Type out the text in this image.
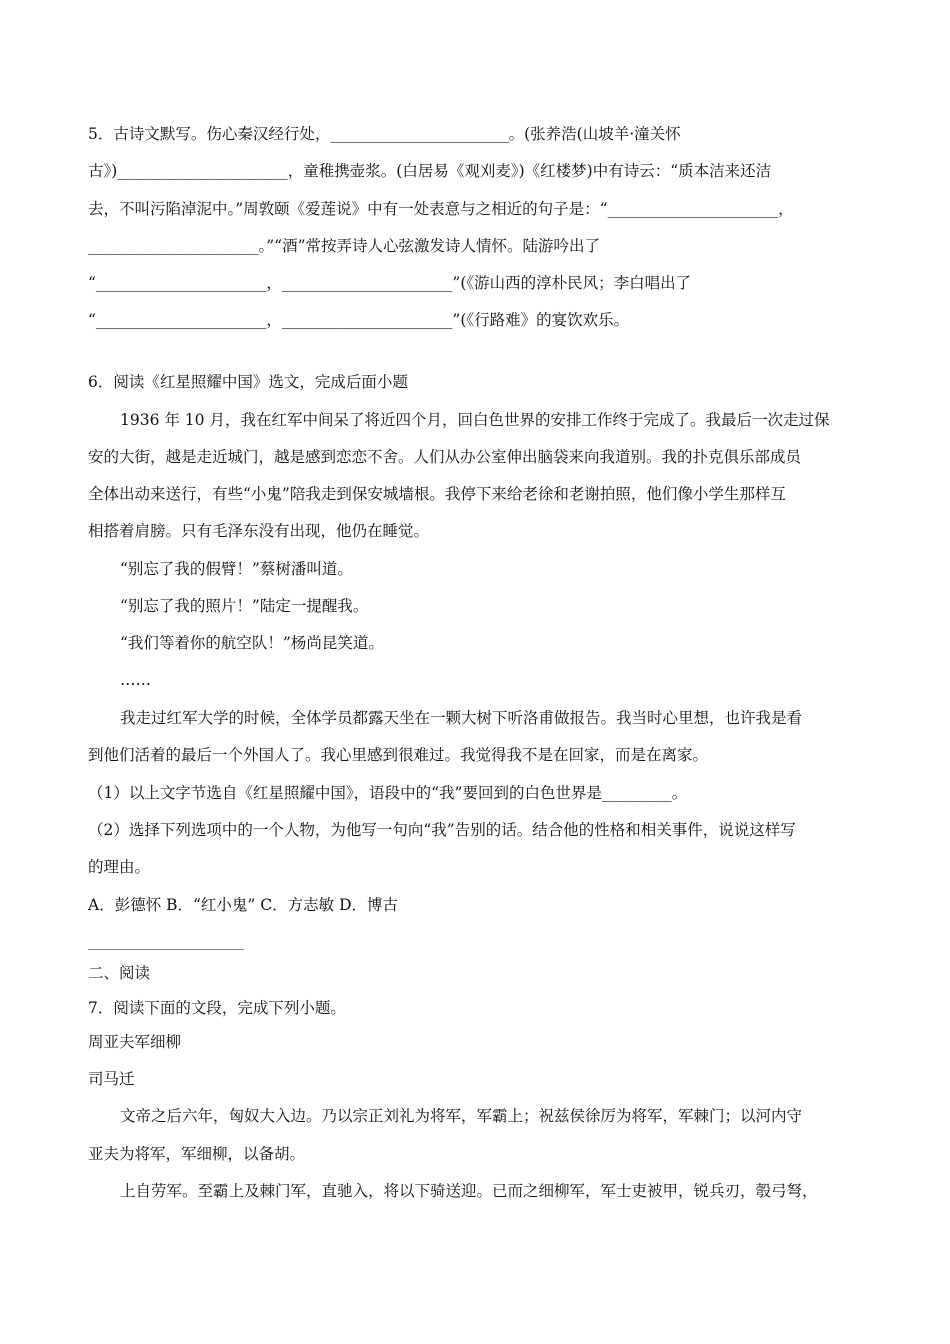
5．古诗文默写。伤心秦汉经行处，_______________________。(张养浩(山坡羊·潼关怀
古》)______________________，童稚携壶浆。(白居易《观刈麦》)《红楼梦)中有诗云：“质本洁来还洁
去，不叫污陷淖泥中。”周敦颐《爱莲说》中有一处表意与之相近的句子是：“______________________，
______________________。”“酒”常按弄诗人心弦激发诗人情怀。陆游吟出了
“______________________，______________________”(《游山西的淳朴民风；李白唱出了
“______________________，______________________”(《行路难》的宴饮欢乐。
6．阅读《红星照耀中国》选文，完成后面小题
1936 年 10 月，我在红军中间呆了将近四个月，回白色世界的安排工作终于完成了。我最后一次走过保
安的大街，越是走近城门，越是感到恋恋不舍。人们从办公室伸出脑袋来向我道别。我的扑克俱乐部成员
全体出动来送行，有些“小鬼”陪我走到保安城墙根。我停下来给老徐和老谢拍照，他们像小学生那样互
相搭着肩膀。只有毛泽东没有出现，他仍在睡觉。
“别忘了我的假臂！”蔡树潘叫道。
“别忘了我的照片！”陆定一提醒我。
“我们等着你的航空队！”杨尚昆笑道。
……
我走过红军大学的时候，全体学员都露天坐在一颗大树下听洛甫做报告。我当时心里想，也许我是看
到他们活着的最后一个外国人了。我心里感到很难过。我觉得我不是在回家，而是在离家。
（1）以上文字节选自《红星照耀中国》，语段中的“我”要回到的白色世界是_________。
（2）选择下列选项中的一个人物，为他写一句向“我”告别的话。结合他的性格和相关事件，说说这样写
的理由。
A．彭德怀 B．“红小鬼” C．方志敏 D．博古
二、阅读
7．阅读下面的文段，完成下列小题。
周亚夫军细柳
司马迁
文帝之后六年，匈奴大入边。乃以宗正刘礼为将军，军霸上；祝兹侯徐厉为将军，军棘门；以河内守
亚夫为将军，军细柳，以备胡。
上自劳军。至霸上及棘门军，直驰入，将以下骑送迎。已而之细柳军，军士吏被甲，锐兵刃，彀弓弩，
